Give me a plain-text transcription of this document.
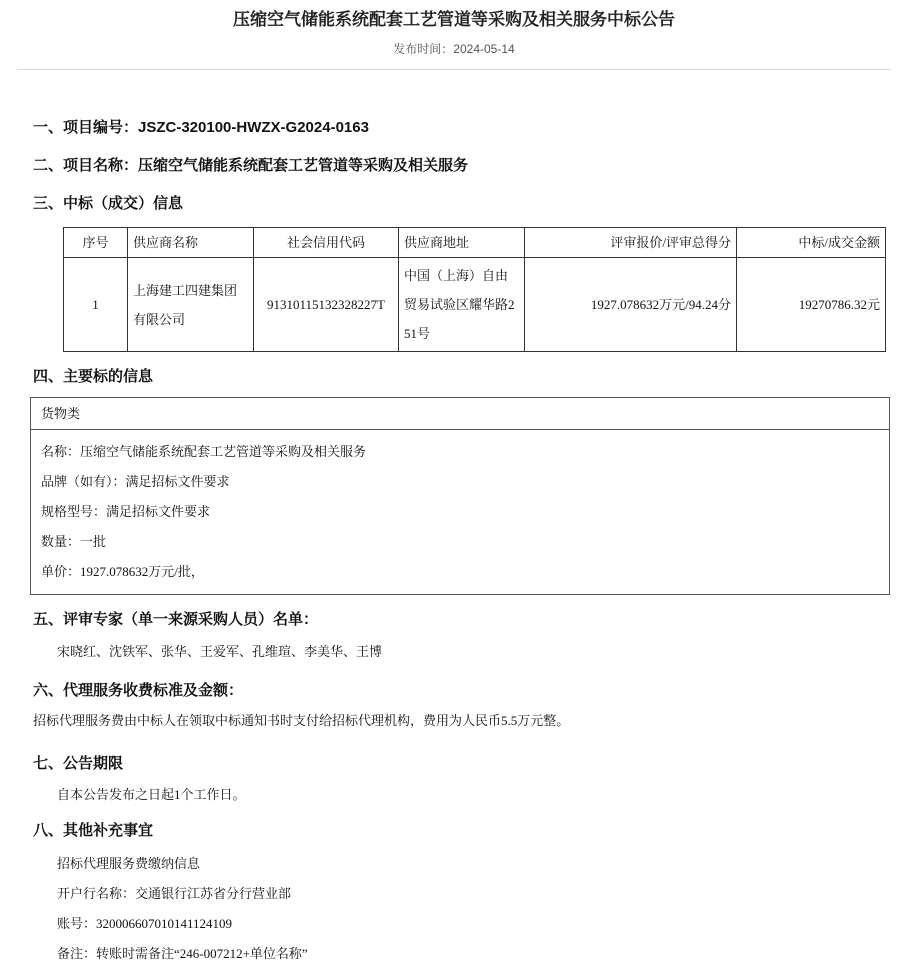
压缩空气储能系统配套工艺管道等采购及相关服务中标公告
发布时间：2024-05-14
一、项目编号：JSZC-320100-HWZX-G2024-0163
二、项目名称：压缩空气储能系统配套工艺管道等采购及相关服务
三、中标（成交）信息
序号	供应商名称	社会信用代码	供应商地址	评审报价/评审总得分	中标/成交金额
1	上海建工四建集团有限公司	91310115132328227T	中国（上海）自由贸易试验区耀华路251号	1927.078632万元/94.24分	19270786.32元
四、主要标的信息
货物类
名称：压缩空气储能系统配套工艺管道等采购及相关服务
品牌（如有）：满足招标文件要求
规格型号：满足招标文件要求
数量：一批
单价：1927.078632万元/批，
五、评审专家（单一来源采购人员）名单：

宋晓红、沈铁军、张华、王爱军、孔维瑄、李美华、王博

六、代理服务收费标准及金额：

招标代理服务费由中标人在领取中标通知书时支付给招标代理机构，费用为人民币5.5万元整。

七、公告期限

自本公告发布之日起1个工作日。

八、其他补充事宜
招标代理服务费缴纳信息
开户行名称：交通银行江苏省分行营业部
账号：320006607010141124109
备注：转账时需备注“246-007212+单位名称”
